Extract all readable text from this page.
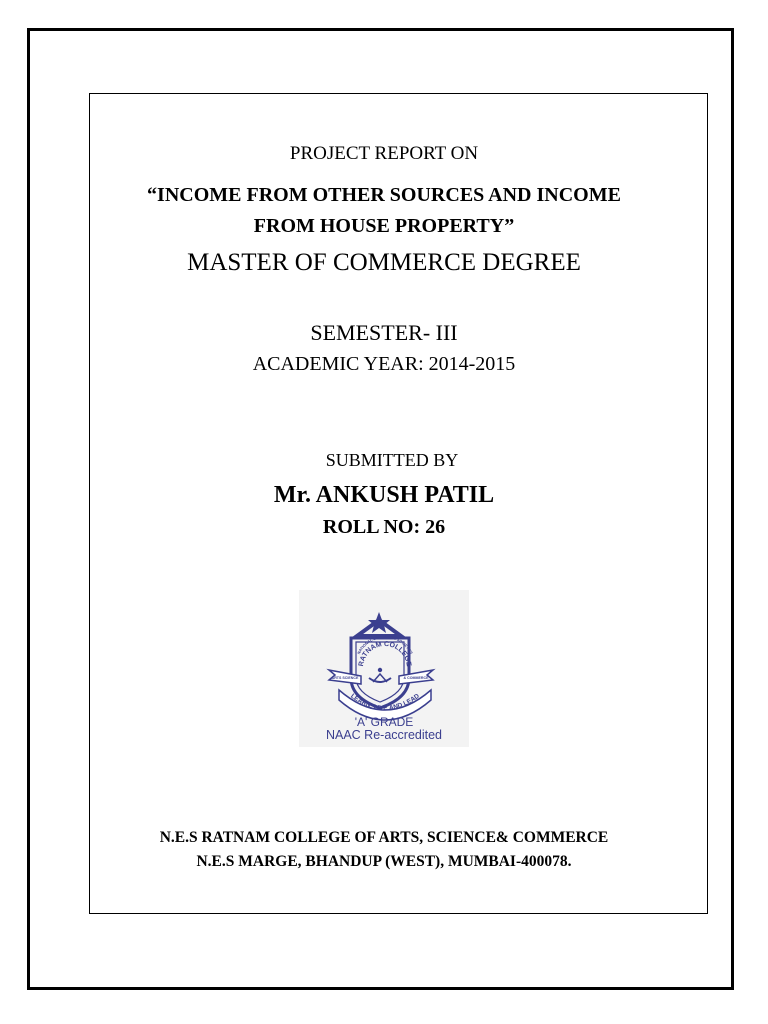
PROJECT REPORT ON
“INCOME FROM OTHER SOURCES AND INCOME
FROM HOUSE PROPERTY”
MASTER OF COMMERCE DEGREE
SEMESTER- III
ACADEMIC YEAR: 2014-2015
SUBMITTED BY
Mr. ANKUSH PATIL
ROLL NO: 26
NATIONAL EDUCATION SOCIETY'S
RATNAM COLLEGE
ARTS SCIENCE	& COMMERCE
LEARN, LIVE AND LEAD
'A' GRADE
NAAC Re-accredited
N.E.S RATNAM COLLEGE OF ARTS, SCIENCE& COMMERCE
N.E.S MARGE, BHANDUP (WEST), MUMBAI-400078.
